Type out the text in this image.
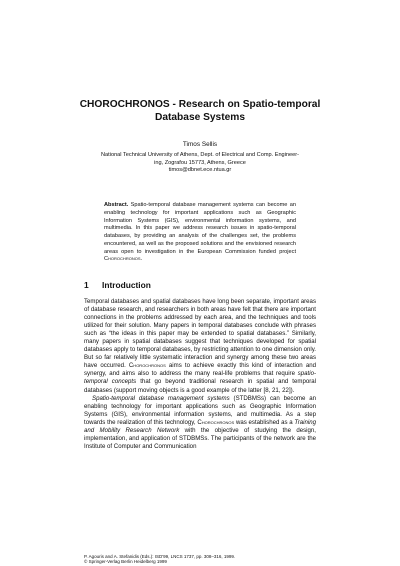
CHOROCHRONOS - Research on Spatio-temporal
Database Systems
Timos Sellis
National Technical University of Athens, Dept. of Electrical and Comp. Engineer-
ing, Zografou 15773, Athens, Greece
timos@dbnet.ece.ntua.gr
Abstract. Spatio-temporal database management systems can become an enabling technology for important applications such as Geographic Information Systems (GIS), environmental information systems, and multimedia. In this paper we address research issues in spatio-temporal databases, by providing an analysis of the challenges set, the problems encountered, as well as the proposed solutions and the envisioned research areas open to investigation in the European Commission funded project Chorochronos.
1 Introduction

Temporal databases and spatial databases have long been separate, important areas of database research, and researchers in both areas have felt that there are important connections in the problems addressed by each area, and the techniques and tools utilized for their solution. Many papers in temporal databases conclude with phrases such as “the ideas in this paper may be extended to spatial databases.” Similarly, many papers in spatial databases suggest that techniques developed for spatial databases apply to temporal databases, by restricting attention to one dimension only. But so far relatively little systematic interaction and synergy among these two areas have occurred. Chorochronos aims to achieve exactly this kind of interaction and synergy, and aims also to address the many real-life problems that require spatio-temporal concepts that go beyond traditional research in spatial and temporal databases (support moving objects is a good example of the latter [8, 21, 22]).

Spatio-temporal database management systems (STDBMSs) can become an enabling technology for important applications such as Geographic Information Systems (GIS), environmental information systems, and multimedia. As a step towards the realization of this technology, Chorochronos was established as a Training and Mobility Research Network with the objective of studying the design, implementation, and application of STDBMSs. The participants of the network are the Institute of Computer and Communication

P. Agouris and A. Stefanidis (Eds.): ISD'99, LNCS 1737, pp. 308–316, 1999.
© Springer-Verlag Berlin Heidelberg 1999
